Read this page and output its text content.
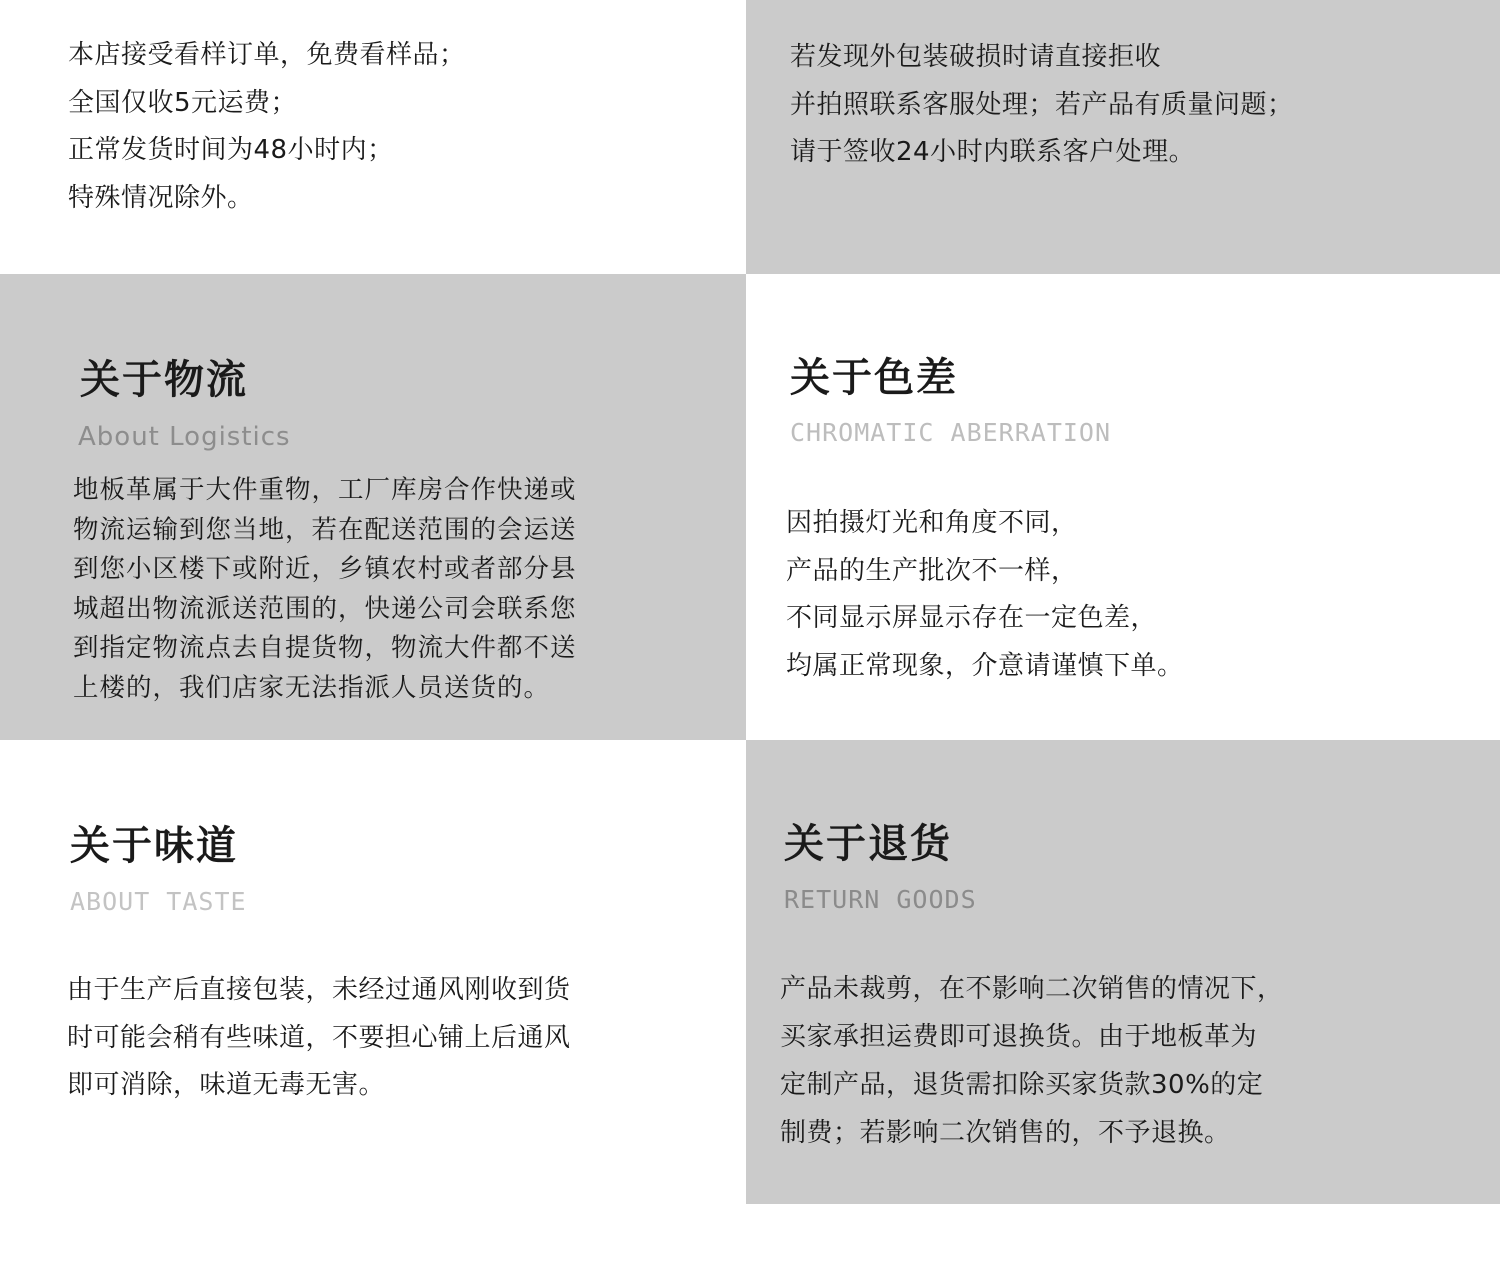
本店接受看样订单，免费看样品；
全国仅收5元运费；
正常发货时间为48小时内；
特殊情况除外。
若发现外包装破损时请直接拒收
并拍照联系客服处理；若产品有质量问题；
请于签收24小时内联系客户处理。
关于物流
About Logistics
地板革属于大件重物，工厂库房合作快递或
物流运输到您当地，若在配送范围的会运送
到您小区楼下或附近，乡镇农村或者部分县
城超出物流派送范围的，快递公司会联系您
到指定物流点去自提货物，物流大件都不送
上楼的，我们店家无法指派人员送货的。
关于色差
CHROMATIC ABERRATION
因拍摄灯光和角度不同，
产品的生产批次不一样，
不同显示屏显示存在一定色差，
均属正常现象，介意请谨慎下单。
关于味道
ABOUT TASTE
由于生产后直接包装，未经过通风刚收到货
时可能会稍有些味道，不要担心铺上后通风
即可消除，味道无毒无害。
关于退货
RETURN GOODS
产品未裁剪，在不影响二次销售的情况下，
买家承担运费即可退换货。由于地板革为
定制产品，退货需扣除买家货款30%的定
制费；若影响二次销售的，不予退换。
